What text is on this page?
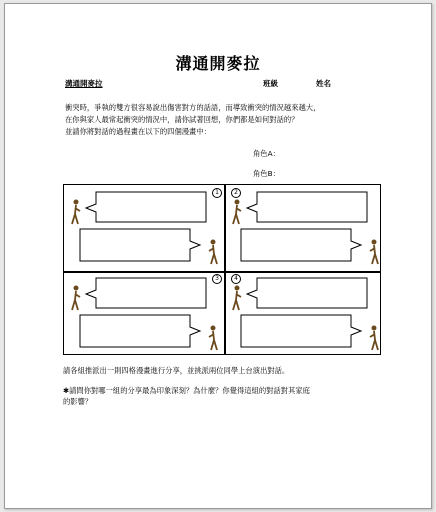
溝通開麥拉
溝通開麥拉	班級	姓名
衝突時，爭執的雙方很容易說出傷害對方的話語，而導致衝突的情況越來越大，
在你與家人最常起衝突的情況中，請你試著回想，你們都是如何對話的？
並請你將對話的過程畫在以下的四個漫畫中：
角色A：
角色B：
1	2
3	4
請各組推派出一則四格漫畫進行分享，並挑派兩位同學上台演出對話。
✱請問你對哪一組的分享最為印象深刻？為什麼？你覺得這組的對話對其家庭
的影響？
